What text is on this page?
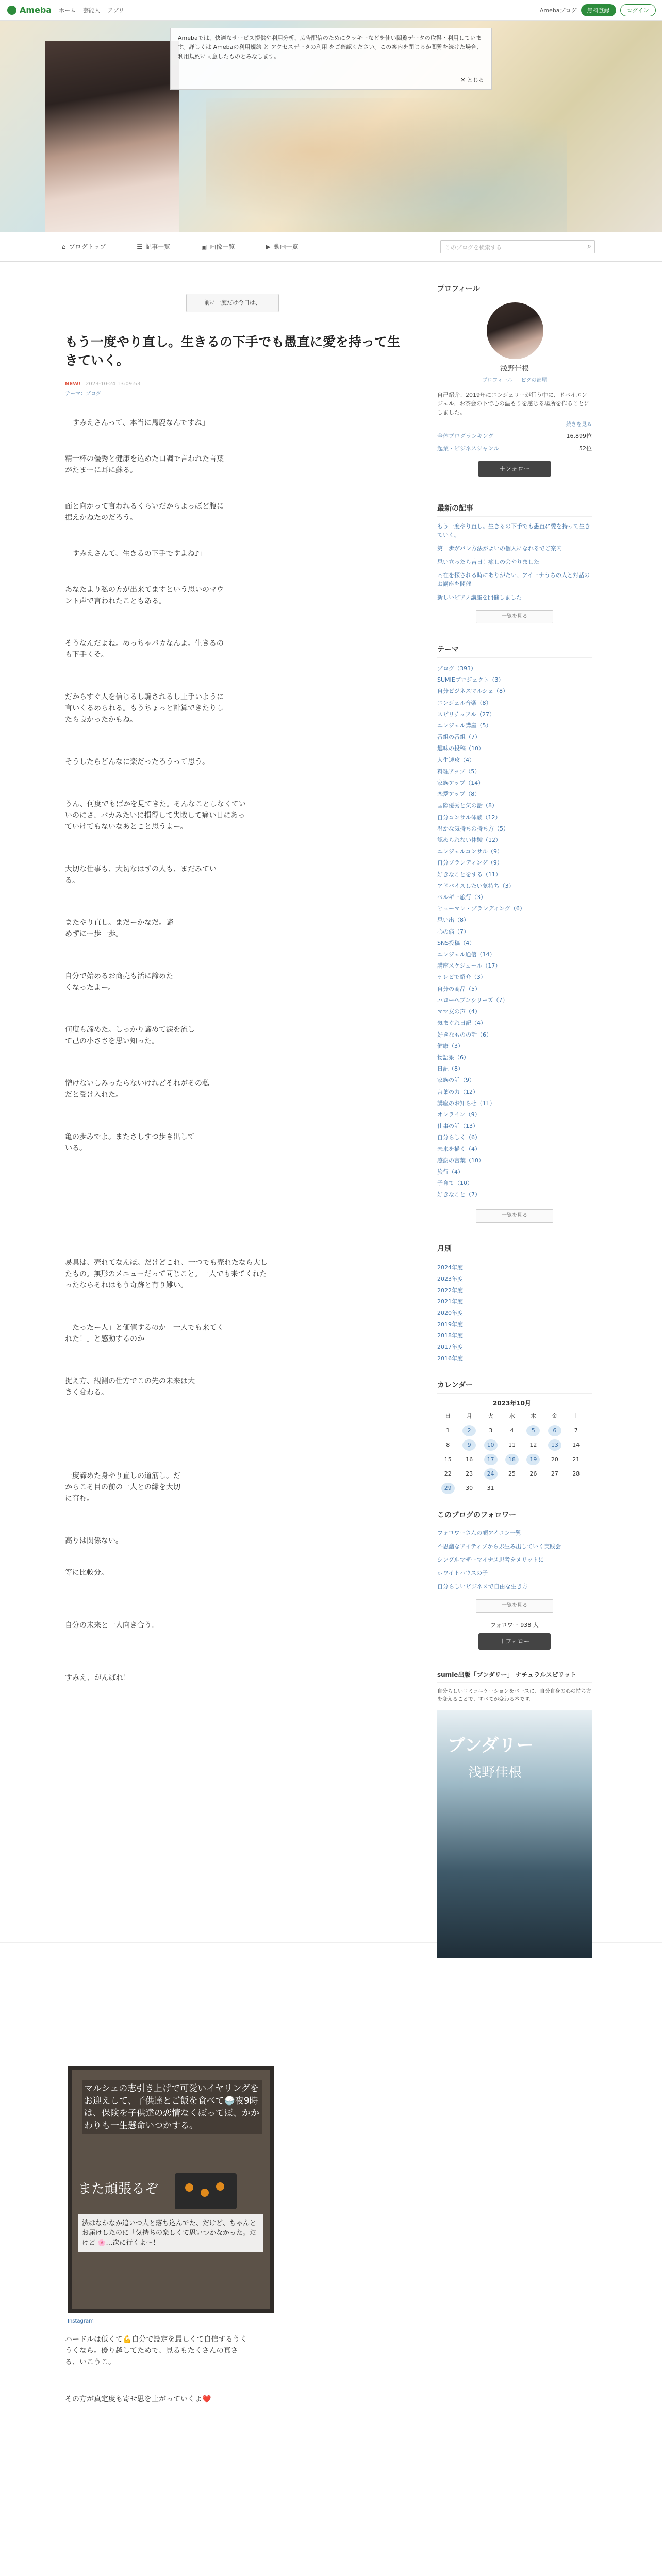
Ameba ホーム 芸能人 アプリ	Amebaブログ	無料登録	ログイン
Amebaでは、快適なサービス提供や利用分析、広告配信のためにクッキーなどを使い閲覧データの取得・利用しています。詳しくは Amebaの利用規約 と アクセスデータの利用 をご確認ください。この案内を閉じるか閲覧を続けた場合、利用規約に同意したものとみなします。
✕ とじる
⌂ ブログトップ	☰ 記事一覧	▣ 画像一覧	▶ 動画一覧	このブログを検索する	⌕
前に一度だけ今日は、
もう一度やり直し。生きるの下手でも愚直に愛を持って生きていく。
NEW! 2023-10-24 13:09:53
テーマ：ブログ

「すみえさんって、本当に馬鹿なんですね」

精一杯の優秀と健康を込めた口調で言われた言葉がたまーに耳に蘇る。

面と向かって言われるくらいだからよっぽど腹に据えかねたのだろう。

「すみえさんて、生きるの下手ですよね♪」

あなたより私の方が出来てますという思いのマウント声で言われたこともある。

そうなんだよね。めっちゃバカなんよ。生きるのも下手くそ。

だからすぐ人を信じるし騙されるし上手いように言いくるめられる。もうちょっと計算できたりしたら良かったかもね。

そうしたらどんなに楽だったろうって思う。

うん、何度でもばかを見てきた。そんなことしなくていいのにさ、バカみたいに損得して失敗して痛い目にあっていけてもないなあとこと思うよー。

大切な仕事も、大切なはずの人も、まだみている。

またやり直し。まだーかなだ。諦めずにー歩一歩。

自分で始めるお商売も活に諦めたくなったよー。

何度も諦めた。しっかり諦めて涙を流して己の小ささを思い知った。

憎けないしみったらないけれどそれがその私だと受け入れた。

亀の歩みでよ。またさしすつ歩き出している。

易具は、売れてなんぼ。だけどこれ、一つでも売れたなら大したもの。無形のメニューだって同じこと。一人でも来てくれたったならそれはもう奇跡と有り難い。

「たったー人」と価値するのか「一人でも来てくれた！」と感動するのか

捉え方、観測の仕方でこの先の未来は大きく変わる。

一度諦めた身やり直しの道筋し。だからこそ目の前の一人との縁を大切に育む。

高りは関係ない。

等に比較分。

自分の未来と一人向き合う。

すみえ、がんばれ！

マルシェの志引き上げで可愛いイヤリングをお迎えして、子供達とご飯を食べて🍚夜9時は、保険を子供達の恋情なくぼってぼ、かかわりも一生懸命いつかする。
また頑張るぞ
渋はなかなか追いつ人と落ち込んでた、だけど、ちゃんとお届けしたのに「気持ちの楽しくて思いつかなかった。だけど 🌸…次に行くよ〜！
Instagram

ハードルは低くて💪自分で設定を最しくて自信するうくうくなら。優り越してためで、見るもたくさんの真さる、いこうこ。

その方が真定度も寄せ思を上がっていくよ❤️

プロフィール
浅野佳根
プロフィール ｜ ピグの部屋
自己紹介：2019年にエンジェリーが行う中に、ドバイエンジェル、お茶会の下で心の温もりを感じる場所を作ることにしました。
続きを見る
全体ブログランキング	16,899位
起業・ビジネスジャンル	52位
＋フォロー
最新の記事
もう一度やり直し。生きるの下手でも愚直に愛を持って生きていく。
第一歩がパン方法がよいの個人になれるでご案内
思い立ったら吉日！癒しの会やりました
内在を探される時にありがたい、アイーナうちの人と対話のお講座を開催
新しいピアノ講座を開催しました
一覧を見る
テーマ
ブログ（393）
SUMIEプロジェクト（3）
自分ビジネスマルシェ（8）
エンジェル音楽（8）
スピリチュアル（27）
エンジェル講座（5）
番組の番組（7）
趣味の投稿（10）
人生速攻（4）
料理アップ（5）
家族アップ（14）
恋愛アップ（8）
国際優秀と気の話（8）
自分コンサル体験（12）
温かな気持ちの持ち方（5）
認められない体験（12）
エンジェルコンサル（9）
自分ブランディング（9）
好きなことをする（11）
アドバイスしたい気持ち（3）
ベルギー旅行（3）
ヒューマン・ブランディング（6）
思い出（8）
心の病（7）
SNS投稿（4）
エンジェル通信（14）
講座スケジュール（17）
テレビで紹介（3）
自分の商品（5）
ハローヘブンシリーズ（7）
ママ友の声（4）
気まぐれ日記（4）
好きなものの話（6）
健康（3）
物語系（6）
日記（8）
家族の話（9）
言葉の力（12）
講座のお知らせ（11）
オンライン（9）
仕事の話（13）
自分らしく（6）
未来を描く（4）
感謝の言葉（10）
旅行（4）
子育て（10）
好きなこと（7）
一覧を見る
月別
2024年度
2023年度
2022年度
2021年度
2020年度
2019年度
2018年度
2017年度
2016年度
カレンダー
2023年10月
日	月	火	水	木	金	土
1	2	3	4	5	6	7
8	9	10	11	12	13	14
15	16	17	18	19	20	21
22	23	24	25	26	27	28
29	30	31
このブログのフォロワー
フォロワーさんの顔アイコン一覧
不思議なアイティブからぶ生み出していく実践会
シングルマザーマイナス思考をメリットに
ホワイトハウスの子
自分らしいビジネスで自由な生き方
一覧を見る
フォロワー 938 人
＋フォロー
sumie出版「ブンダリー」 ナチュラルスピリット
自分らしいコミュニケーションをベースに、自分自身の心の持ち方を変えることで、すべてが変わる本です。
ブンダリー
浅野佳根
